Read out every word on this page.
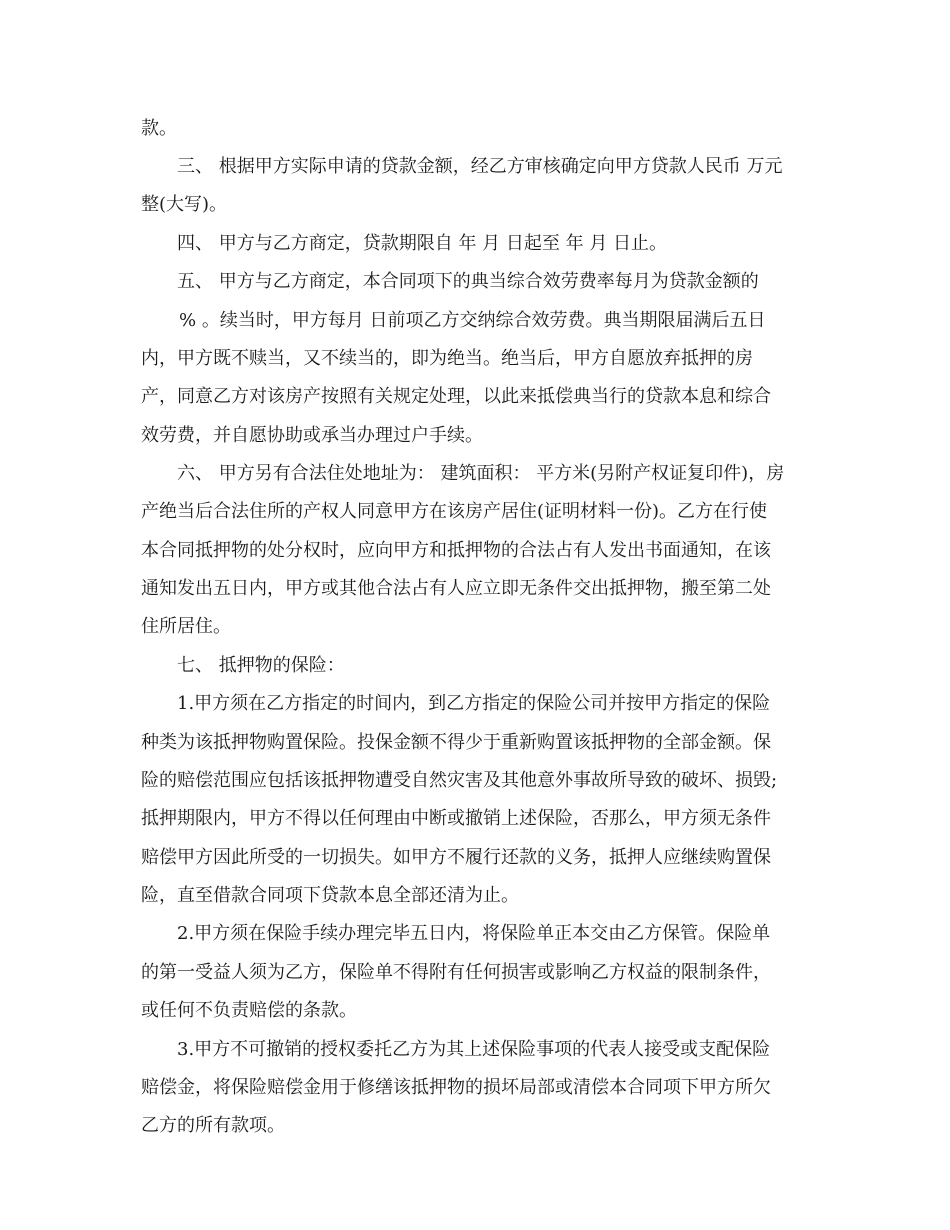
款。
三、 根据甲方实际申请的贷款金额，经乙方审核确定向甲方贷款人民币 万元
整(大写)。
四、 甲方与乙方商定，贷款期限自 年 月 日起至 年 月 日止。
五、 甲方与乙方商定，本合同项下的典当综合效劳费率每月为贷款金额的
% 。续当时，甲方每月 日前项乙方交纳综合效劳费。典当期限届满后五日
内，甲方既不赎当，又不续当的，即为绝当。绝当后，甲方自愿放弃抵押的房
产，同意乙方对该房产按照有关规定处理，以此来抵偿典当行的贷款本息和综合
效劳费，并自愿协助或承当办理过户手续。
六、 甲方另有合法住处地址为： 建筑面积： 平方米(另附产权证复印件)，房
产绝当后合法住所的产权人同意甲方在该房产居住(证明材料一份)。乙方在行使
本合同抵押物的处分权时，应向甲方和抵押物的合法占有人发出书面通知，在该
通知发出五日内，甲方或其他合法占有人应立即无条件交出抵押物，搬至第二处
住所居住。
七、 抵押物的保险：
1.甲方须在乙方指定的时间内，到乙方指定的保险公司并按甲方指定的保险
种类为该抵押物购置保险。投保金额不得少于重新购置该抵押物的全部金额。保
险的赔偿范围应包括该抵押物遭受自然灾害及其他意外事故所导致的破坏、损毁;
抵押期限内，甲方不得以任何理由中断或撤销上述保险，否那么，甲方须无条件
赔偿甲方因此所受的一切损失。如甲方不履行还款的义务，抵押人应继续购置保
险，直至借款合同项下贷款本息全部还清为止。
2.甲方须在保险手续办理完毕五日内，将保险单正本交由乙方保管。保险单
的第一受益人须为乙方，保险单不得附有任何损害或影响乙方权益的限制条件，
或任何不负责赔偿的条款。
3.甲方不可撤销的授权委托乙方为其上述保险事项的代表人接受或支配保险
赔偿金，将保险赔偿金用于修缮该抵押物的损坏局部或清偿本合同项下甲方所欠
乙方的所有款项。
